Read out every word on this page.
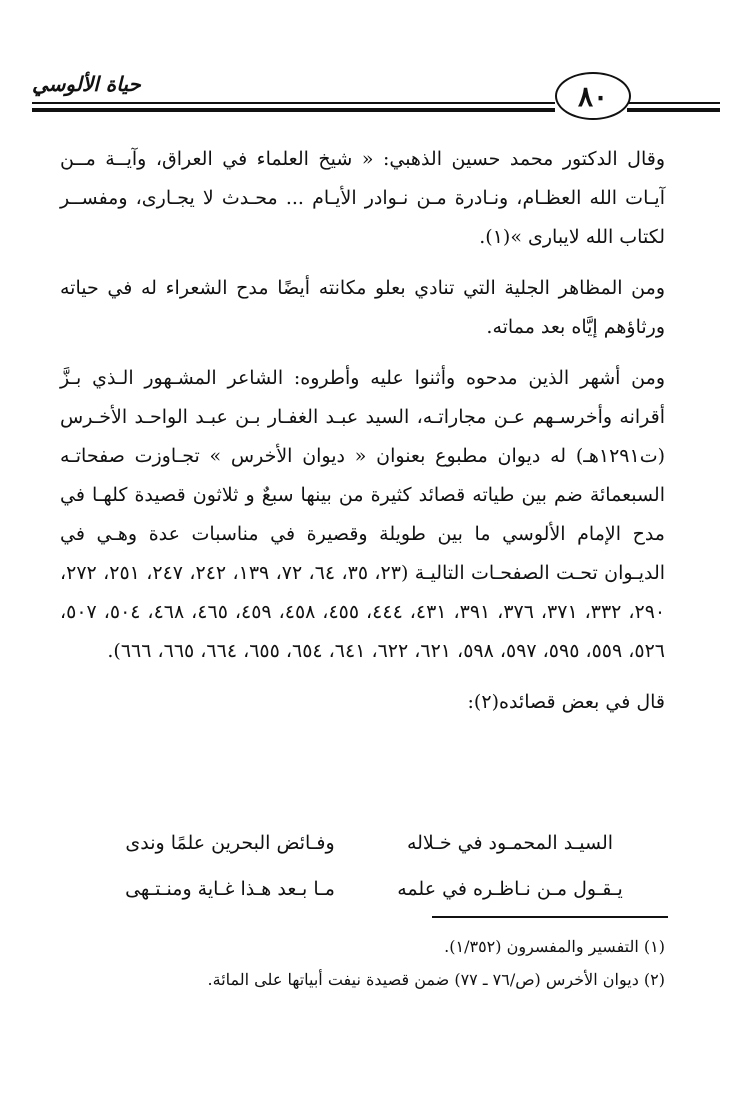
حياة الألوسي	٨٠

وقال الدكتور محمد حسين الذهبي: « شيخ العلماء في العراق، وآيــة مــن آيـات الله العظـام، ونـادرة مـن نـوادر الأيـام ... محـدث لا يجـارى، ومفســر لكتاب الله لايبارى »(١).

ومن المظاهر الجلية التي تنادي بعلو مكانته أيضًا مدح الشعراء له في حياته ورثاؤهم إيَّاه بعد مماته.

ومن أشهر الذين مدحوه وأثنوا عليه وأطروه: الشاعر المشـهور الـذي بـزَّ أقرانه وأخرسـهم عـن مجاراتـه، السيد عبـد الغفـار بـن عبـد الواحـد الأخـرس (ت١٢٩١هـ) له ديوان مطبوع بعنوان « ديوان الأخرس » تجـاوزت صفحاتـه السبعمائة ضم بين طياته قصائد كثيرة من بينها سبعٌ و ثلاثون قصيدة كلهـا في مدح الإمام الألوسي ما بين طويلة وقصيرة في مناسبات عدة وهـي في الديـوان تحـت الصفحـات التاليـة (٢٣، ٣٥، ٦٤، ٧٢، ١٣٩، ٢٤٢، ٢٤٧، ٢٥١، ٢٧٢، ٢٩٠، ٣٣٢، ٣٧١، ٣٧٦، ٣٩١، ٤٣١، ٤٤٤، ٤٥٥، ٤٥٨، ٤٥٩، ٤٦٥، ٤٦٨، ٥٠٤، ٥٠٧، ٥٢٦، ٥٥٩، ٥٩٥، ٥٩٧، ٥٩٨، ٦٢١، ٦٢٢، ٦٤١، ٦٥٤، ٦٥٥، ٦٦٤، ٦٦٥، ٦٦٦).

قال في بعض قصائده(٢):

السيـد المحمـود في خـلاله
وفـائض البحرين علمًا وندى
يـقـول مـن نـاظـره في علمه
مـا بـعد هـذا غـاية ومنـتـهى

(١) التفسير والمفسرون (١/٣٥٢).

(٢) ديوان الأخرس (ص/٧٦ ـ ٧٧) ضمن قصيدة نيفت أبياتها على المائة.
